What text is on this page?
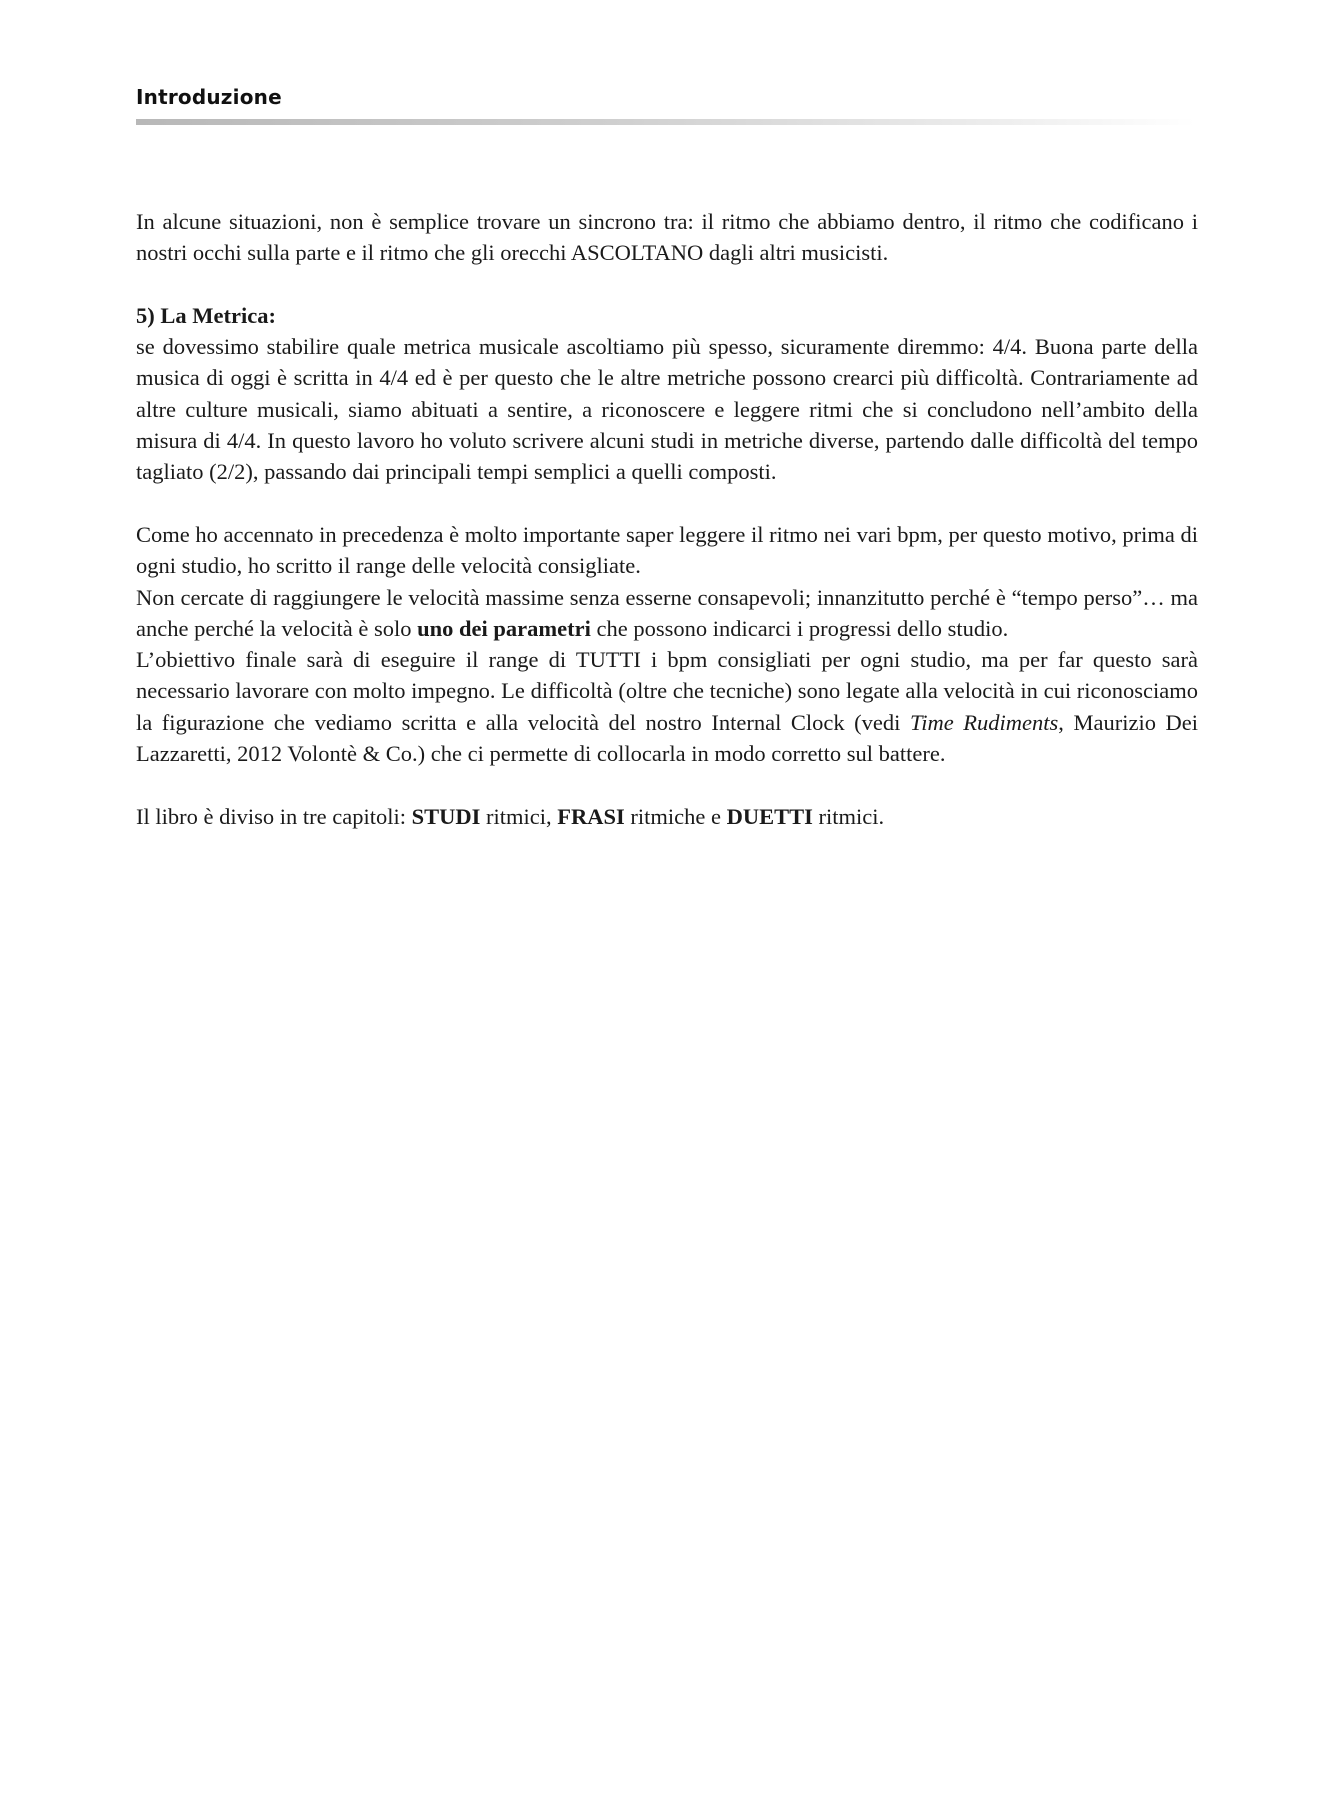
Introduzione

In alcune situazioni, non è semplice trovare un sincrono tra: il ritmo che abbiamo dentro, il ritmo che codificano i nostri occhi sulla parte e il ritmo che gli orecchi ASCOLTANO dagli altri musicisti.

5) La Metrica:

se dovessimo stabilire quale metrica musicale ascoltiamo più spesso, sicuramente diremmo: 4/4. Buona parte della musica di oggi è scritta in 4/4 ed è per questo che le altre metriche possono crearci più difficoltà. Contrariamente ad altre culture musicali, siamo abituati a sentire, a riconoscere e leggere ritmi che si concludono nell’ambito della misura di 4/4. In questo lavoro ho voluto scrivere alcuni studi in metriche diverse, partendo dalle difficoltà del tempo tagliato (2/2), passando dai principali tempi semplici a quelli composti.

Come ho accennato in precedenza è molto importante saper leggere il ritmo nei vari bpm, per questo motivo, prima di ogni studio, ho scritto il range delle velocità consigliate.

Non cercate di raggiungere le velocità massime senza esserne consapevoli; innanzitutto perché è “tempo perso”… ma anche perché la velocità è solo uno dei parametri che possono indicarci i progressi dello studio.

L’obiettivo finale sarà di eseguire il range di TUTTI i bpm consigliati per ogni studio, ma per far questo sarà necessario lavorare con molto impegno. Le difficoltà (oltre che tecniche) sono legate alla velocità in cui riconosciamo la figurazione che vediamo scritta e alla velocità del nostro Internal Clock (vedi Time Rudiments, Maurizio Dei Lazzaretti, 2012 Volontè & Co.) che ci permette di collocarla in modo corretto sul battere.

Il libro è diviso in tre capitoli: STUDI ritmici, FRASI ritmiche e DUETTI ritmici.
